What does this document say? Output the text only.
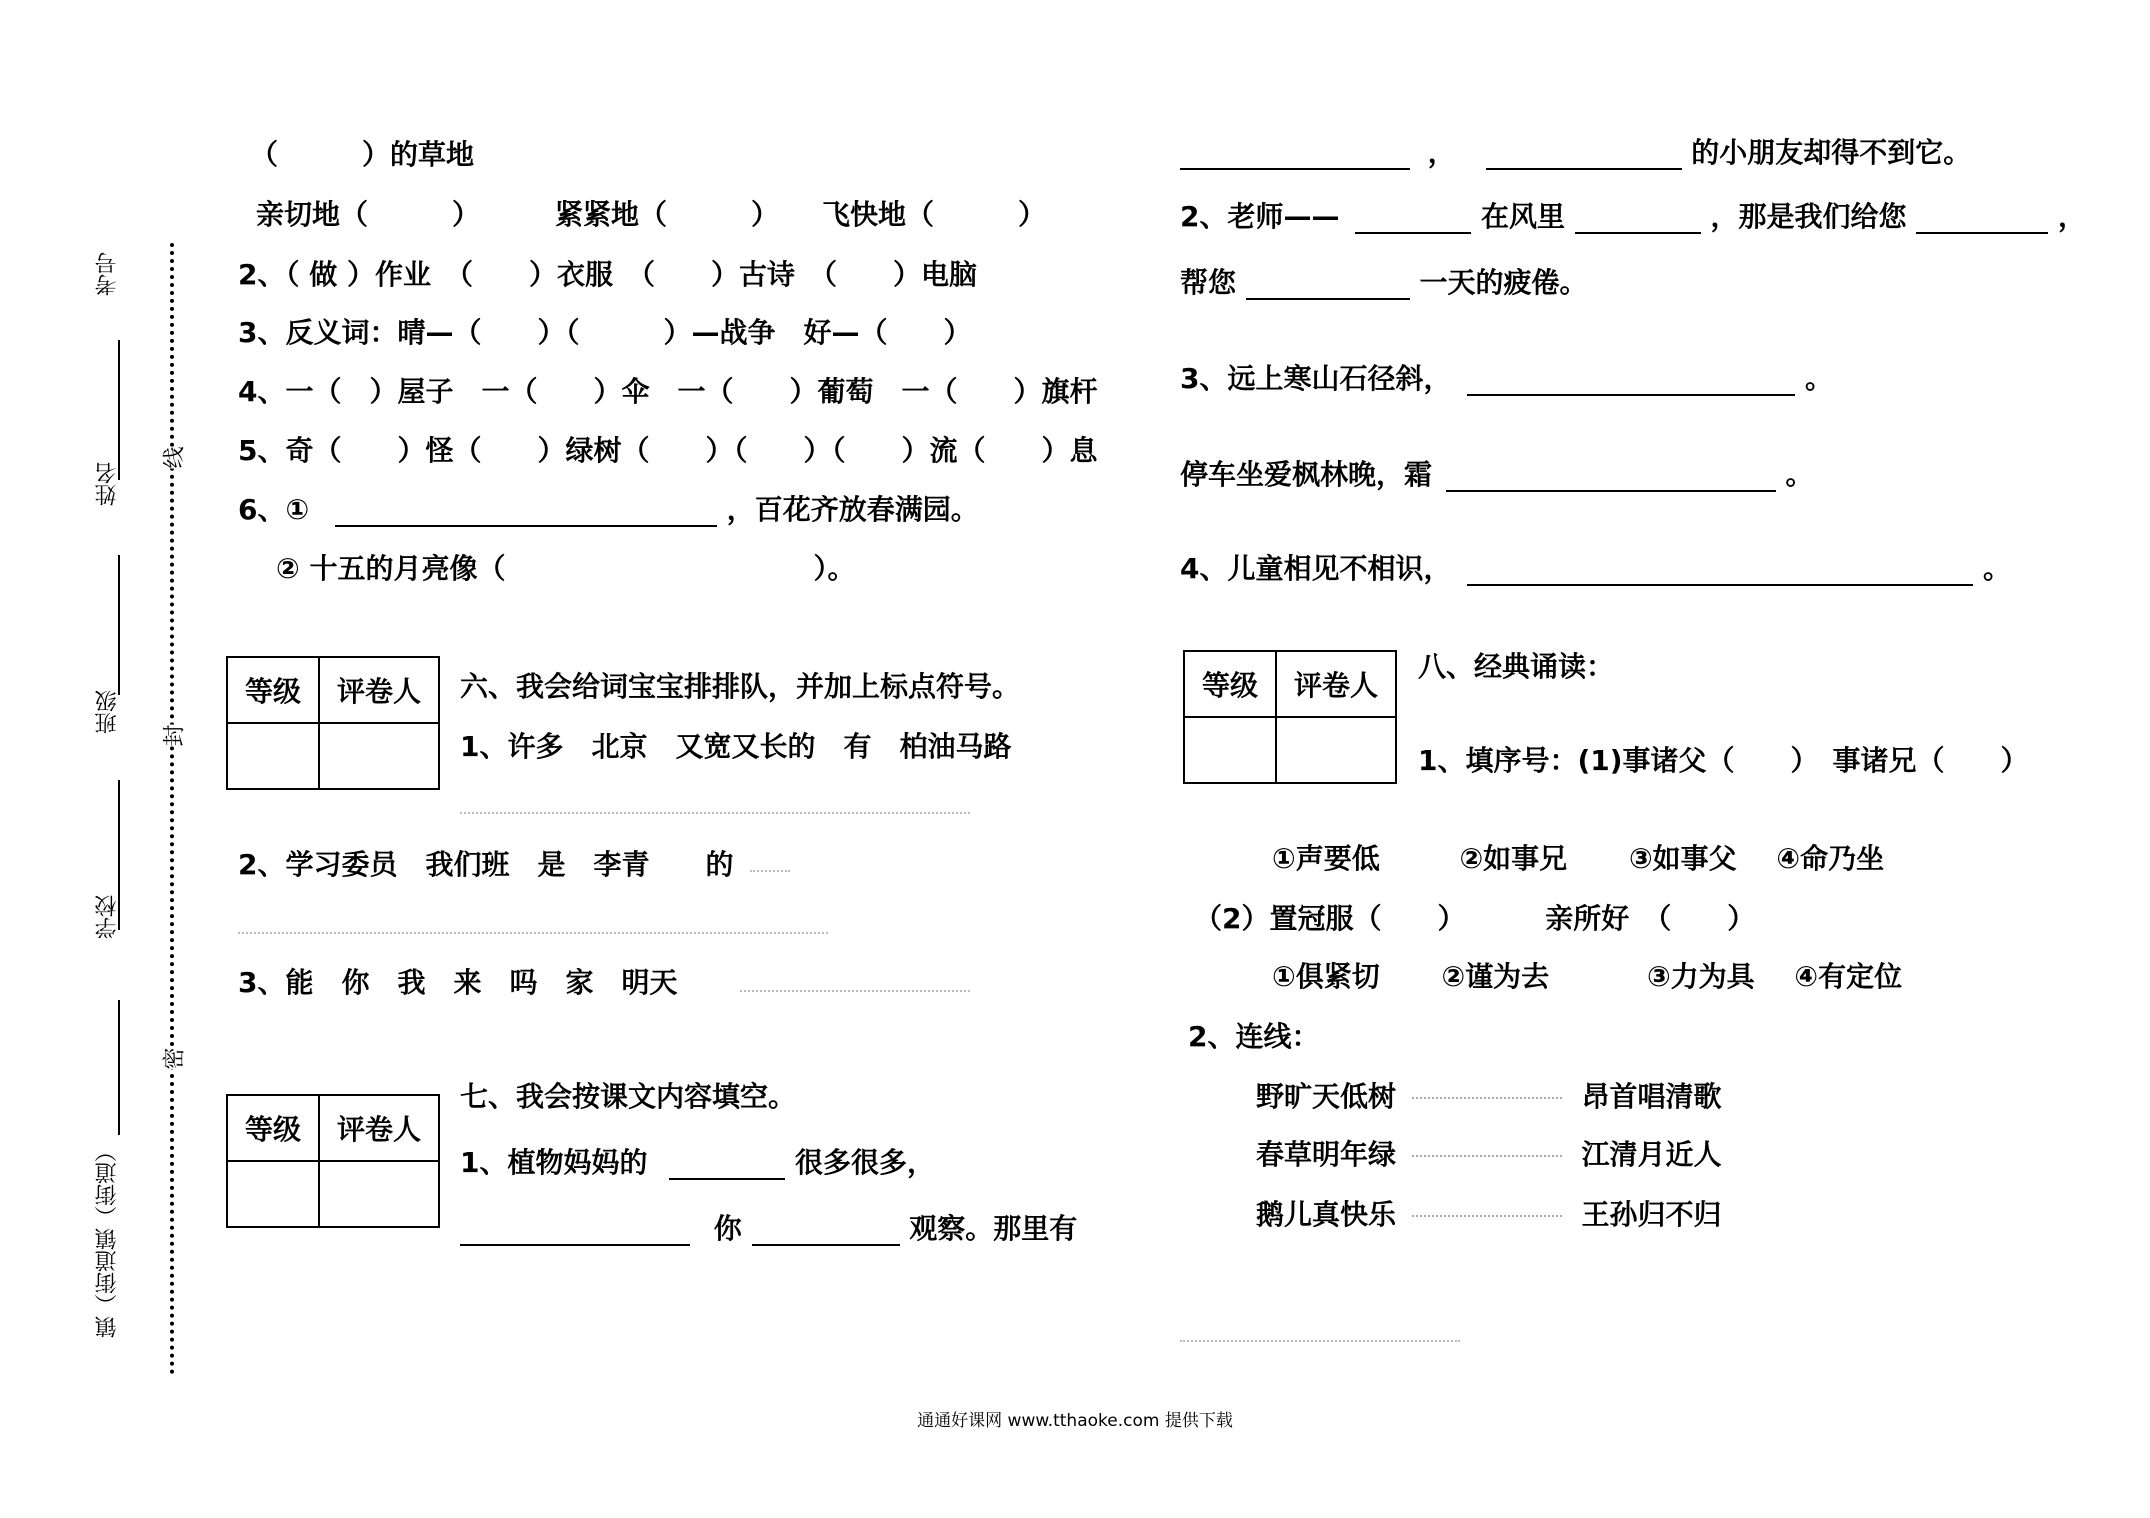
考号
姓名
班级
学校
镇（街道镇（街道）
线
封
密
（　　　）的草地
亲切地（　　　）	紧紧地（　　　） 飞快地（　　　）
2、（ 做 ）作业　（　　）衣服　（　　）古诗　（　　）电脑
3、反义词：晴—（　　）（　　　）—战争　好—（　　）
4、一（　）屋子　一（　　）伞　一（　　）葡萄　一（　　）旗杆
5、奇（　　）怪（　　）绿树（　　）（　　）（　　）流（　　）息
6、①	，百花齐放春满园。
② 十五的月亮像（　　　　　　　　　　　）。
等级	评卷人
	六、我会给词宝宝排排队，并加上标点符号。
1、许多　北京　又宽又长的　有　柏油马路
2、学习委员　我们班　是　李青　　的
3、能　你　我　来　吗　家　明天
等级	评卷人

七、我会按课文内容填空。
1、植物妈妈的	很多很多，
你	观察。那里有
，	的小朋友却得不到它。
2、老师——	在风里	，那是我们给您	，
帮您	一天的疲倦。
3、远上寒山石径斜，	。
停车坐爱枫林晚，霜	。
4、儿童相见不相识，	。
等级	评卷人

八、经典诵读：
1、填序号：(1)事诸父（　　）　事诸兄（　　）
①声要低	②如事兄 ③如事父 ④命乃坐
（2）置冠服（　　）	亲所好　（　　）
①俱紧切 ②谨为去	③力为具 ④有定位
2、连线：
野旷天低树	昂首唱清歌
春草明年绿	江清月近人
鹅儿真快乐	王孙归不归
通通好课网 www.tthaoke.com 提供下载
